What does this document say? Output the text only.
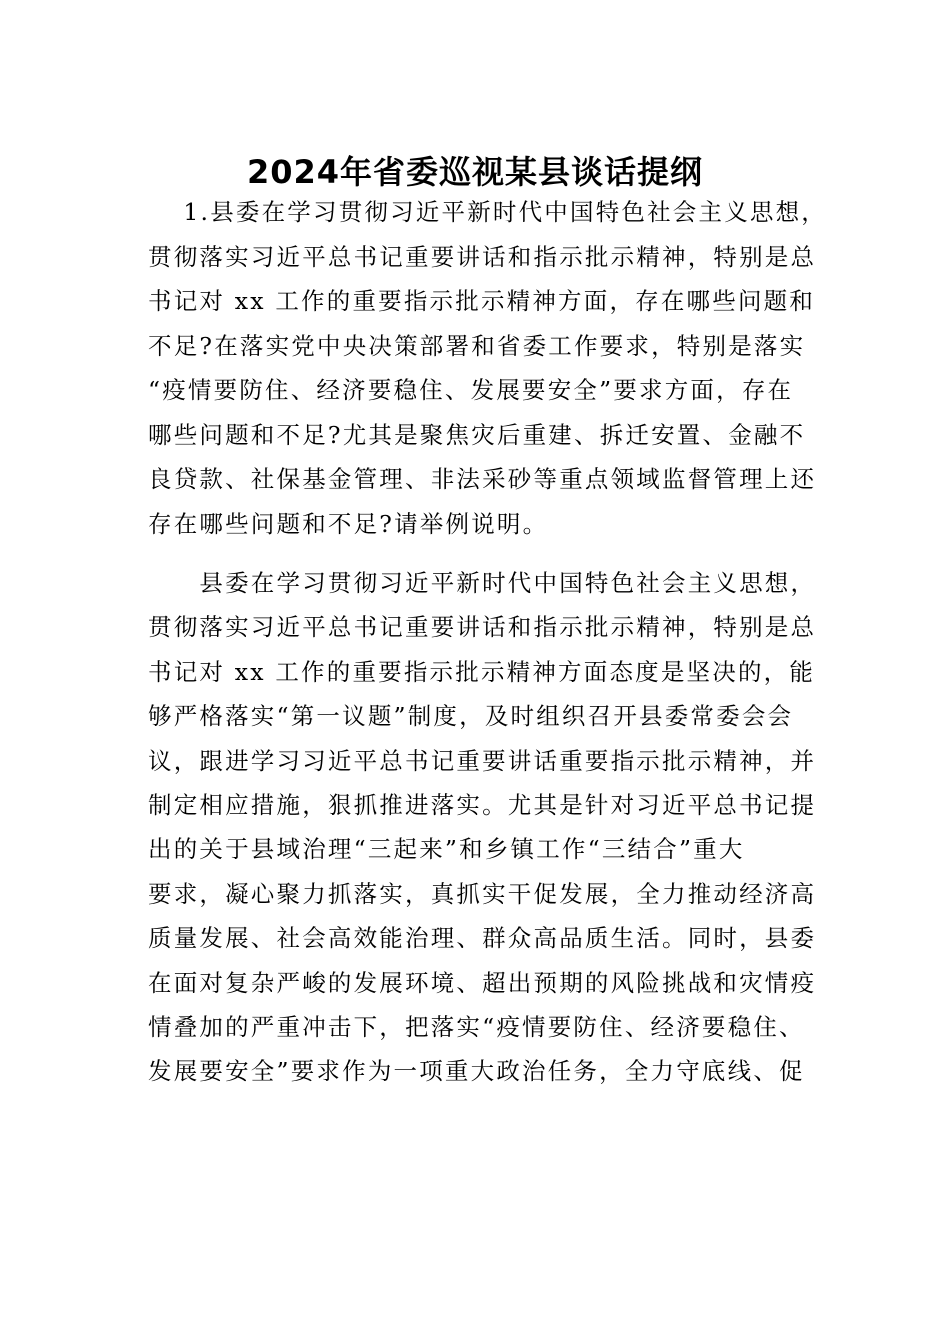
2024年省委巡视某县谈话提纲
　 1.县委在学习贯彻习近平新时代中国特色社会主义思想，
贯彻落实习近平总书记重要讲话和指示批示精神，特别是总
书记对 xx 工作的重要指示批示精神方面，存在哪些问题和
不足?在落实党中央决策部署和省委工作要求，特别是落实
“疫情要防住、经济要稳住、发展要安全”要求方面，存在
哪些问题和不足?尤其是聚焦灾后重建、拆迁安置、金融不
良贷款、社保基金管理、非法采砂等重点领域监督管理上还
存在哪些问题和不足?请举例说明。
　　县委在学习贯彻习近平新时代中国特色社会主义思想，
贯彻落实习近平总书记重要讲话和指示批示精神，特别是总
书记对 xx 工作的重要指示批示精神方面态度是坚决的，能
够严格落实“第一议题”制度，及时组织召开县委常委会会
议，跟进学习习近平总书记重要讲话重要指示批示精神，并
制定相应措施，狠抓推进落实。尤其是针对习近平总书记提
出的关于县域治理“三起来”和乡镇工作“三结合”重大
要求，凝心聚力抓落实，真抓实干促发展，全力推动经济高
质量发展、社会高效能治理、群众高品质生活。同时，县委
在面对复杂严峻的发展环境、超出预期的风险挑战和灾情疫
情叠加的严重冲击下，把落实“疫情要防住、经济要稳住、
发展要安全”要求作为一项重大政治任务，全力守底线、促
